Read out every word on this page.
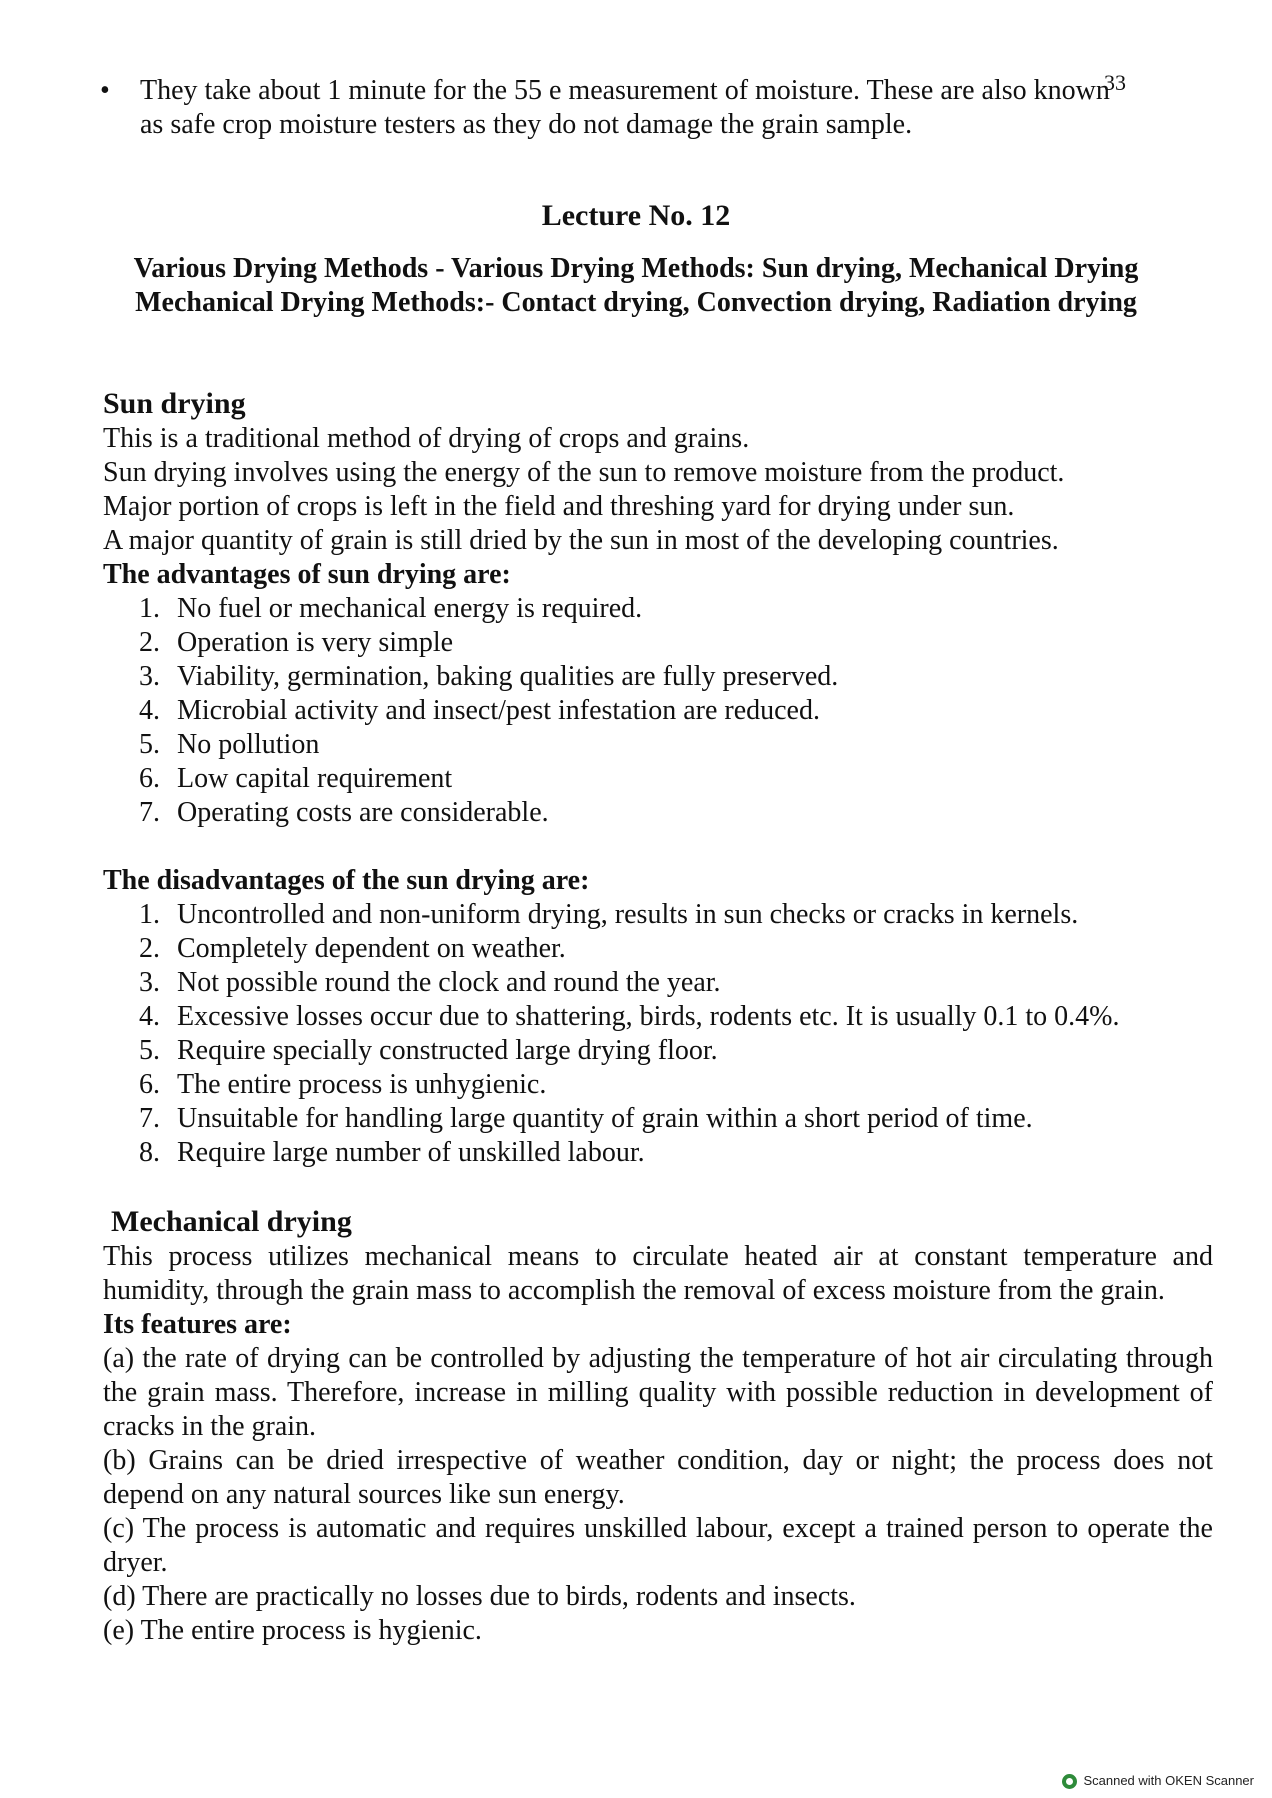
33
• They take about 1 minute for the 55 e measurement of moisture. These are also known
as safe crop moisture testers as they do not damage the grain sample.
Lecture No. 12
Various Drying Methods - Various Drying Methods: Sun drying, Mechanical Drying
Mechanical Drying Methods:- Contact drying, Convection drying, Radiation drying
Sun drying

This is a traditional method of drying of crops and grains.

Sun drying involves using the energy of the sun to remove moisture from the product.

Major portion of crops is left in the field and threshing yard for drying under sun.

A major quantity of grain is still dried by the sun in most of the developing countries.

The advantages of sun drying are:

1. No fuel or mechanical energy is required.
2. Operation is very simple
3. Viability, germination, baking qualities are fully preserved.
4. Microbial activity and insect/pest infestation are reduced.
5. No pollution
6. Low capital requirement
7. Operating costs are considerable.

The disadvantages of the sun drying are:

1. Uncontrolled and non-uniform drying, results in sun checks or cracks in kernels.
2. Completely dependent on weather.
3. Not possible round the clock and round the year.
4. Excessive losses occur due to shattering, birds, rodents etc. It is usually 0.1 to 0.4%.
5. Require specially constructed large drying floor.
6. The entire process is unhygienic.
7. Unsuitable for handling large quantity of grain within a short period of time.
8. Require large number of unskilled labour.
Mechanical drying

This process utilizes mechanical means to circulate heated air at constant temperature and humidity, through the grain mass to accomplish the removal of excess moisture from the grain.

Its features are:

(a) the rate of drying can be controlled by adjusting the temperature of hot air circulating through the grain mass. Therefore, increase in milling quality with possible reduction in development of cracks in the grain.

(b) Grains can be dried irrespective of weather condition, day or night; the process does not depend on any natural sources like sun energy.

(c) The process is automatic and requires unskilled labour, except a trained person to operate the dryer.

(d) There are practically no losses due to birds, rodents and insects.

(e) The entire process is hygienic.

Scanned with OKEN Scanner
